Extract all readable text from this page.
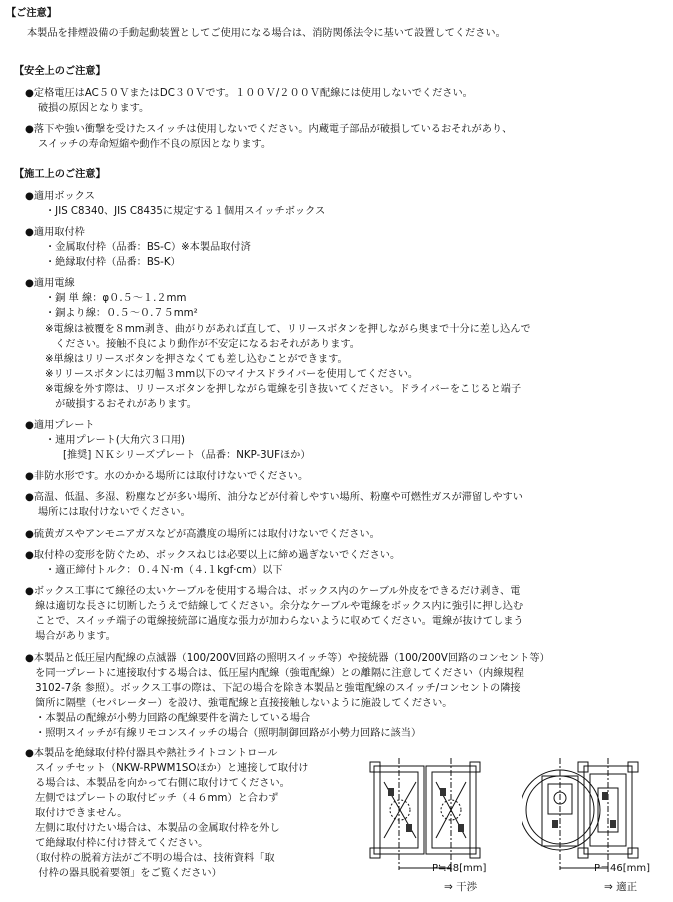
【ご注意】
本製品を排煙設備の手動起動装置としてご使用になる場合は、消防関係法令に基いて設置してください。
【安全上のご注意】
●定格電圧はAC５０ＶまたはDC３０Ｖです。１００Ｖ/２００Ｖ配線には使用しないでください。
破損の原因となります。
●落下や強い衝撃を受けたスイッチは使用しないでください。内蔵電子部品が破損しているおそれがあり、
スイッチの寿命短縮や動作不良の原因となります。
【施工上のご注意】
●適用ボックス
・JIS C8340、JIS C8435に規定する１個用スイッチボックス
●適用取付枠
・金属取付枠（品番：BS-C）※本製品取付済
・絶縁取付枠（品番：BS-K）
●適用電線
・銅 単 線：φ０.５～１.２mm
・銅より線：０.５～０.７５mm²
※電線は被覆を８mm剥き、曲がりがあれば直して、リリースボタンを押しながら奥まで十分に差し込んで
　ください。接触不良により動作が不安定になるおそれがあります。
※単線はリリースボタンを押さなくても差し込むことができます。
※リリースボタンには刃幅３mm以下のマイナスドライバーを使用してください。
※電線を外す際は、リリースボタンを押しながら電線を引き抜いてください。ドライバーをこじると端子
　が破損するおそれがあります。
●適用プレート
・連用プレート(大角穴３口用)
[推奨] ＮＫシリーズプレート（品番：NKP-3UFほか）
●非防水形です。水のかかる場所には取付けないでください。
●高温、低温、多湿、粉塵などが多い場所、油分などが付着しやすい場所、粉塵や可燃性ガスが滞留しやすい
場所には取付けないでください。
●硫黄ガスやアンモニアガスなどが高濃度の場所には取付けないでください。
●取付枠の変形を防ぐため、ボックスねじは必要以上に締め過ぎないでください。
・適正締付トルク：０.４Ｎ·m（４.１kgf·cm）以下
●ボックス工事にて線径の太いケーブルを使用する場合は、ボックス内のケーブル外皮をできるだけ剥き、電
　線は適切な長さに切断したうえで結線してください。余分なケーブルや電線をボックス内に強引に押し込む
　ことで、スイッチ端子の電線接続部に過度な張力が加わらないように収めてください。電線が抜けてしまう
　場合があります。
●本製品と低圧屋内配線の点滅器（100/200V回路の照明スイッチ等）や接続器（100/200V回路のコンセント等）
　を同一プレートに連接取付する場合は、低圧屋内配線（強電配線）との離隔に注意してください（内線規程
　3102-7条 参照）。ボックス工事の際は、下記の場合を除き本製品と強電配線のスイッチ/コンセントの隣接
　箇所に隔壁（セパレーター）を設け、強電配線と直接接触しないように施設してください。
　・本製品の配線が小勢力回路の配線要件を満たしている場合
　・照明スイッチが有線リモコンスイッチの場合（照明制御回路が小勢力回路に該当）
●本製品を絶縁取付枠付器具や熱社ライトコントロール
　スイッチセット（NKW-RPWM1SOほか）と連接して取付け
　る場合は、本製品を向かって右側に取付けてください。
　左側ではプレートの取付ピッチ（４６mm）と合わず
　取付けできません。
　左側に取付けたい場合は、本製品の金属取付枠を外し
　て絶縁取付枠に付け替えてください。
　（取付枠の脱着方法がご不明の場合は、技術資料「取
　 付枠の器具脱着要領」をご覧ください）	P≒48[mm]
⇒ 干渉
P＝46[mm]
⇒ 適正
